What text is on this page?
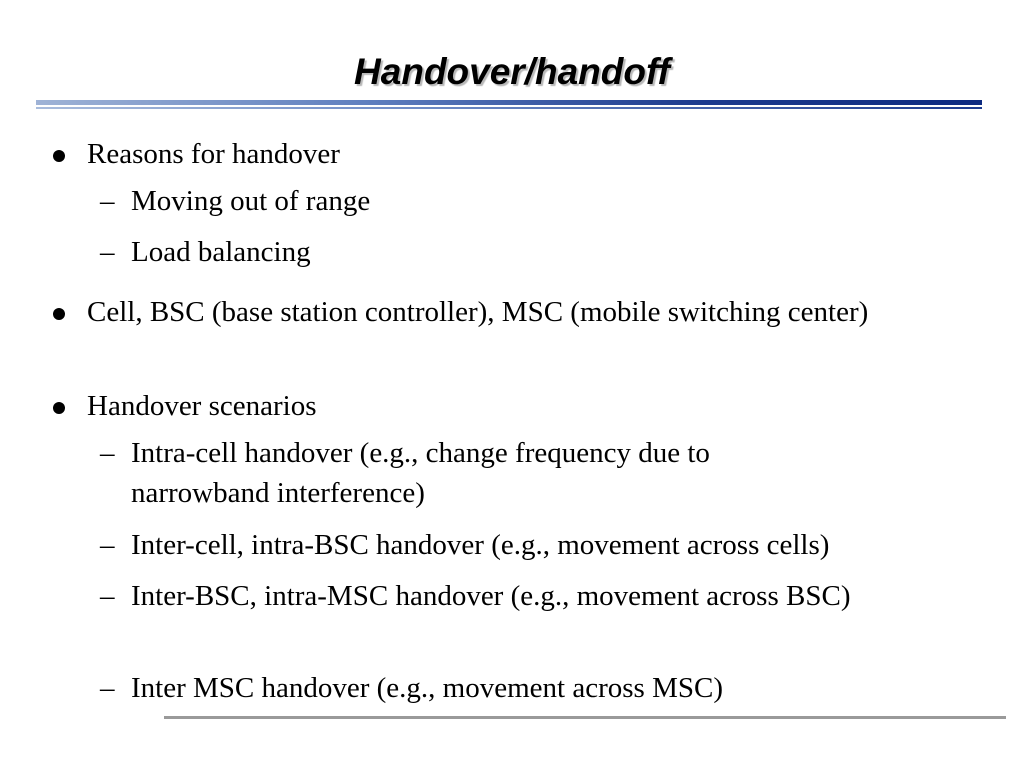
Handover/handoff
Reasons for handover
– Moving out of range
– Load balancing
Cell, BSC (base station controller), MSC (mobile switching center)
Handover scenarios
– Intra-cell handover (e.g., change frequency due to narrowband interference)
– Inter-cell, intra-BSC handover (e.g., movement across cells)
– Inter-BSC, intra-MSC handover (e.g., movement across BSC)
– Inter MSC handover (e.g., movement across MSC)
